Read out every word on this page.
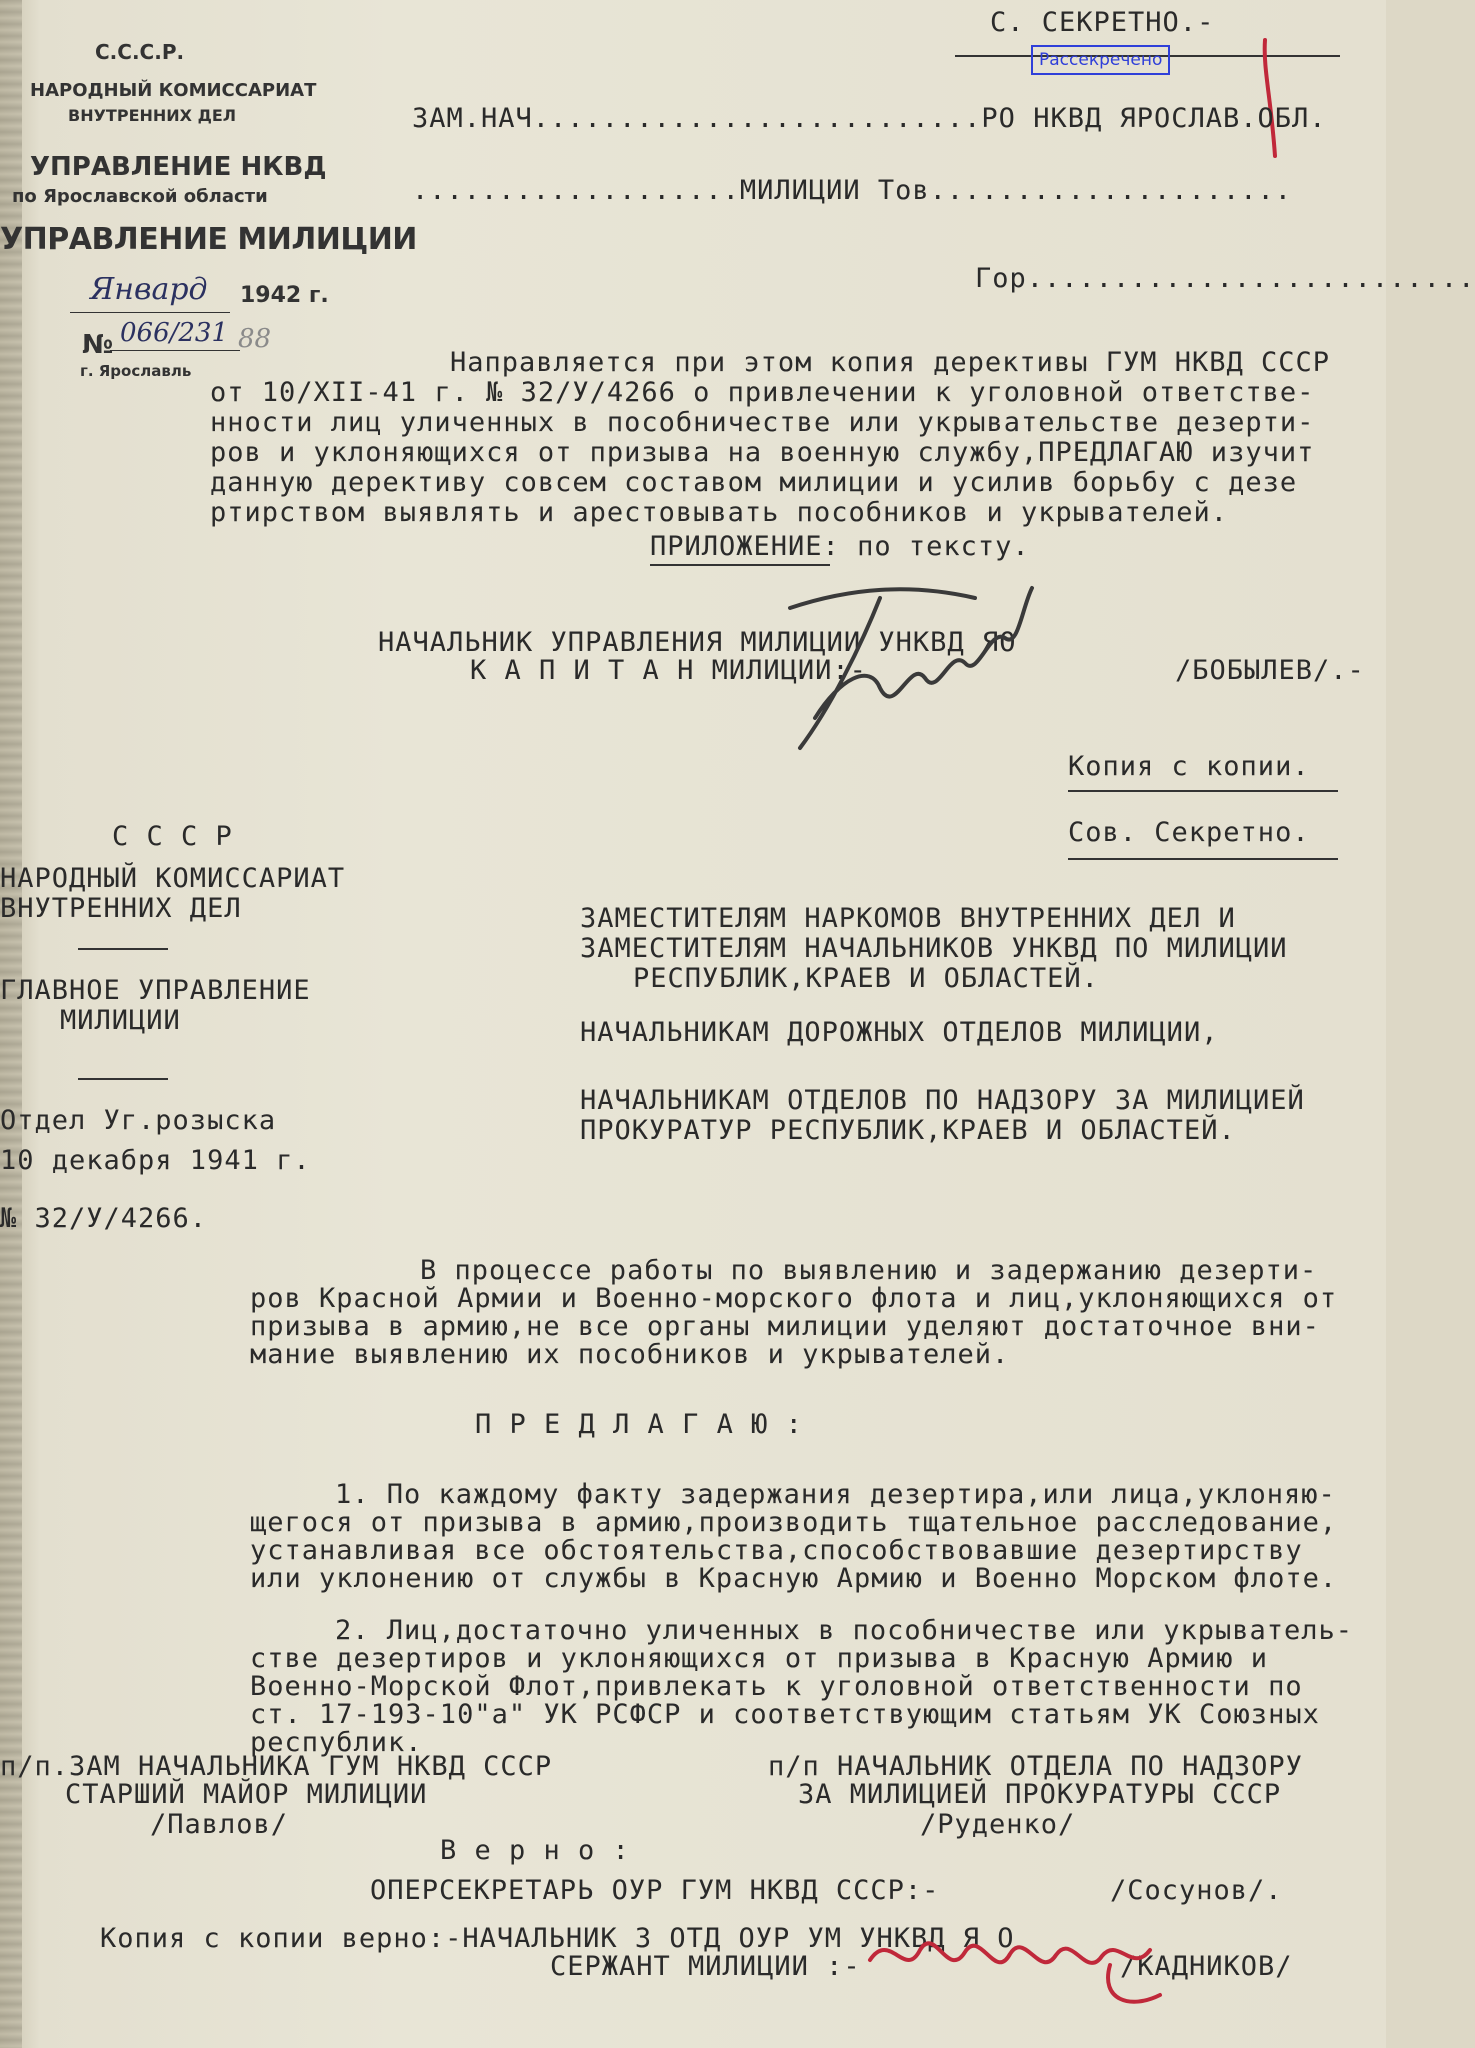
С. СЕКРЕТНО.-
Рассекречено
ЗАМ.НАЧ..........................РО НКВД ЯРОСЛАВ.ОБЛ.
...................МИЛИЦИИ Тов.....................
Гор..........................
С.С.С.Р.
НАРОДНЫЙ КОМИССАРИАТ
ВНУТРЕННИХ ДЕЛ
УПРАВЛЕНИЕ НКВД
по Ярославской области
УПРАВЛЕНИЕ МИЛИЦИИ
Январд 1942 г.
№ 066/231 88
г. Ярославль	Направляется при этом копия дерективы ГУМ НКВД СССР
от 10/XII-41 г. № 32/У/4266 о привлечении к уголовной ответстве-
нности лиц уличенных в пособничестве или укрывательстве дезерти-
ров и уклоняющихся от призыва на военную службу,ПРЕДЛАГАЮ изучит
данную дерективу совсем составом милиции и усилив борьбу с дезе
ртирством выявлять и арестовывать пособников и укрывателей.
ПРИЛОЖЕНИЕ: по тексту.
НАЧАЛЬНИК УПРАВЛЕНИЯ МИЛИЦИИ УНКВД ЯО
К А П И Т А Н МИЛИЦИИ:-	/БОБЫЛЕВ/.-
Копия с копии.
Сов. Секретно.
С С С Р
НАРОДНЫЙ КОМИССАРИАТ
ВНУТРЕННИХ ДЕЛ
ГЛАВНОЕ УПРАВЛЕНИЕ
МИЛИЦИИ
Отдел Уг.розыска
10 декабря 1941 г.
№ 32/У/4266.
ЗАМЕСТИТЕЛЯМ НАРКОМОВ ВНУТРЕННИХ ДЕЛ И
ЗАМЕСТИТЕЛЯМ НАЧАЛЬНИКОВ УНКВД ПО МИЛИЦИИ
РЕСПУБЛИК,КРАЕВ И ОБЛАСТЕЙ.
НАЧАЛЬНИКАМ ДОРОЖНЫХ ОТДЕЛОВ МИЛИЦИИ,
НАЧАЛЬНИКАМ ОТДЕЛОВ ПО НАДЗОРУ ЗА МИЛИЦИЕЙ
ПРОКУРАТУР РЕСПУБЛИК,КРАЕВ И ОБЛАСТЕЙ.
В процессе работы по выявлению и задержанию дезерти-
ров Красной Армии и Военно-морского флота и лиц,уклоняющихся от
призыва в армию,не все органы милиции уделяют достаточное вни-
мание выявлению их пособников и укрывателей.
П Р Е Д Л А Г А Ю :
1. По каждому факту задержания дезертира,или лица,уклоняю-
щегося от призыва в армию,производить тщательное расследование,
устанавливая все обстоятельства,способствовавшие дезертирству
или уклонению от службы в Красную Армию и Военно Морском флоте.
2. Лиц,достаточно уличенных в пособничестве или укрыватель-
стве дезертиров и уклоняющихся от призыва в Красную Армию и
Военно-Морской Флот,привлекать к уголовной ответственности по
ст. 17-193-10"а" УК РСФСР и соответствующим статьям УК Союзных
республик.
п/п.ЗАМ НАЧАЛЬНИКА ГУМ НКВД СССР
СТАРШИЙ МАЙОР МИЛИЦИИ
/Павлов/
п/п НАЧАЛЬНИК ОТДЕЛА ПО НАДЗОРУ
ЗА МИЛИЦИЕЙ ПРОКУРАТУРЫ СССР
/Руденко/
В е р н о :
ОПЕРСЕКРЕТАРЬ ОУР ГУМ НКВД СССР:-	/Сосунов/.
Копия с копии верно:-НАЧАЛЬНИК 3 ОТД ОУР УМ УНКВД Я О
СЕРЖАНТ МИЛИЦИИ :-	/КАДНИКОВ/
